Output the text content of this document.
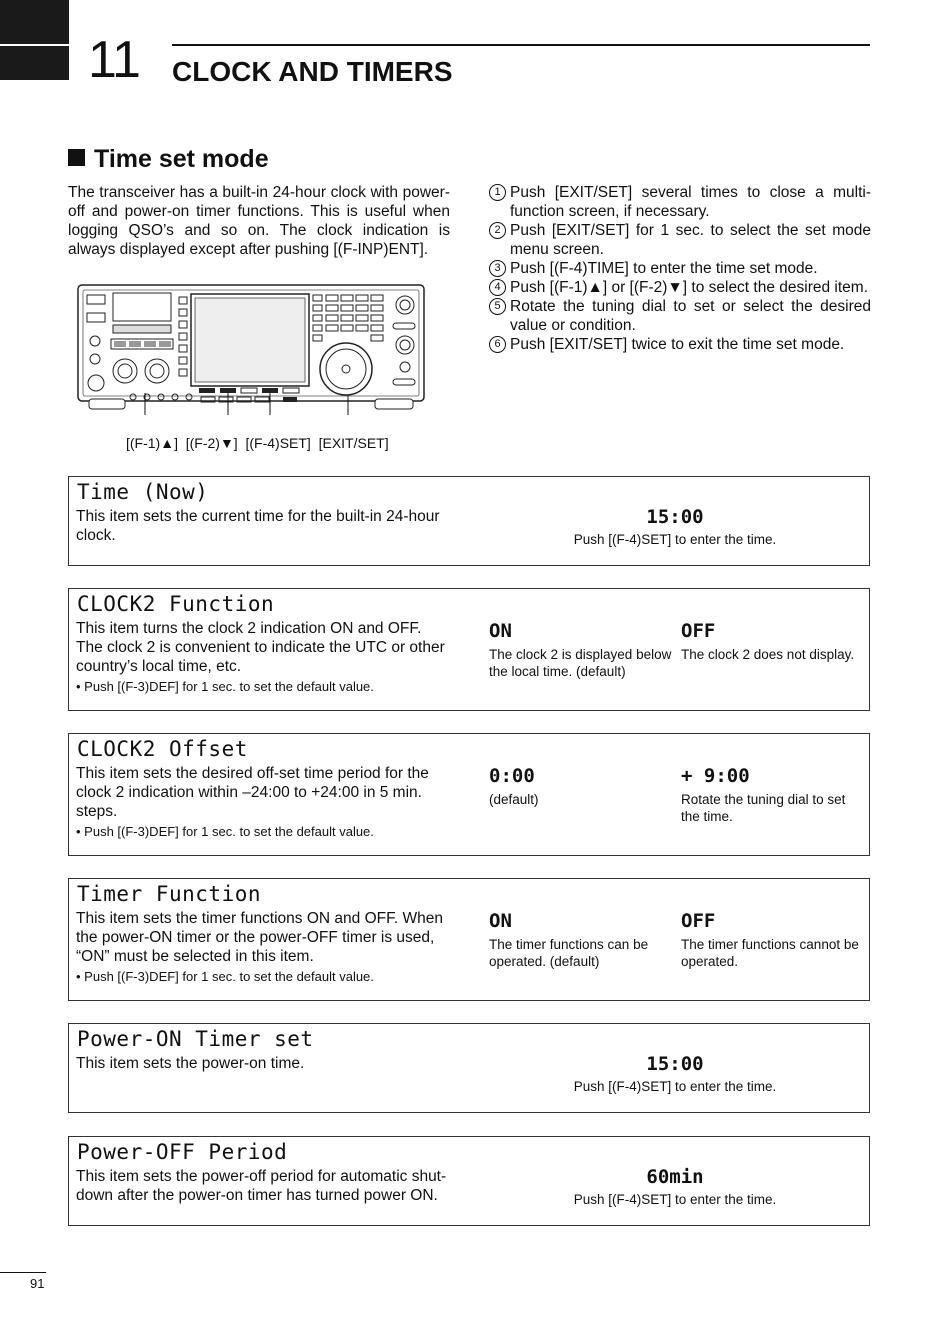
11 CLOCK AND TIMERS
Time set mode
The transceiver has a built-in 24-hour clock with power-off and power-on timer functions. This is useful when logging QSO’s and so on. The clock indication is always displayed except after pushing [(F-INP)ENT].
1 Push [EXIT/SET] several times to close a multi-function screen, if necessary.
2 Push [EXIT/SET] for 1 sec. to select the set mode menu screen.
3 Push [(F-4)TIME] to enter the time set mode.
4 Push [(F-1)▲] or [(F-2)▼] to select the desired item.
5 Rotate the tuning dial to set or select the desired value or condition.
6 Push [EXIT/SET] twice to exit the time set mode.
[(F-1)▲]  [(F-2)▼]  [(F-4)SET]  [EXIT/SET]
Time (Now)
This item sets the current time for the built-in 24-hour clock.
15:00
Push [(F-4)SET] to enter the time.
CLOCK2 Function
This item turns the clock 2 indication ON and OFF. The clock 2 is convenient to indicate the UTC or other country’s local time, etc.
• Push [(F-3)DEF] for 1 sec. to set the default value.
ON
The clock 2 is displayed below the local time. (default)
OFF
The clock 2 does not display.
CLOCK2 Offset
This item sets the desired off-set time period for the clock 2 indication within –24:00 to +24:00 in 5 min. steps.
• Push [(F-3)DEF] for 1 sec. to set the default value.
0:00
(default)
+ 9:00
Rotate the tuning dial to set the time.
Timer Function
This item sets the timer functions ON and OFF. When the power-ON timer or the power-OFF timer is used, “ON” must be selected in this item.
• Push [(F-3)DEF] for 1 sec. to set the default value.
ON
The timer functions can be operated. (default)
OFF
The timer functions cannot be operated.
Power-ON Timer set
This item sets the power-on time.	15:00
Push [(F-4)SET] to enter the time.
Power-OFF Period
This item sets the power-off period for automatic shut-down after the power-on timer has turned power ON.
60min
Push [(F-4)SET] to enter the time.
91
